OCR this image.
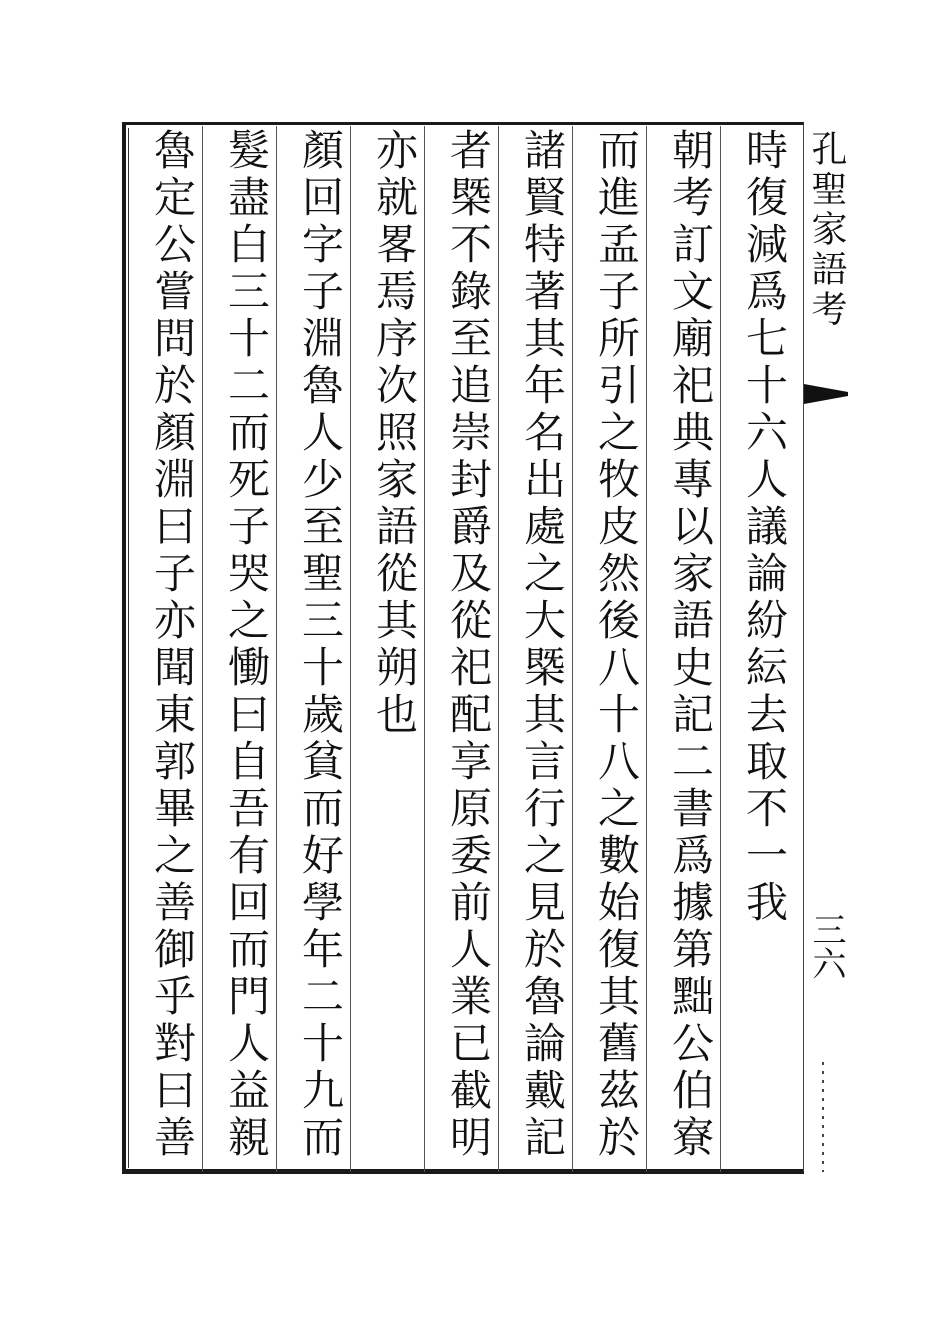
時復減爲七十六人議論紛紜去取不一我
朝考訂文廟祀典專以家語史記二書爲據第黜公伯寮
而進孟子所引之牧皮然後八十八之數始復其舊茲於
諸賢特著其年名出處之大槩其言行之見於魯論戴記
者槩不錄至追崇封爵及從祀配享原委前人業已截明
亦就畧焉序次照家語從其朔也
顏回字子淵魯人少至聖三十歲貧而好學年二十九而
髮盡白三十二而死子哭之慟曰自吾有回而門人益親
魯定公嘗問於顏淵曰子亦聞東郭畢之善御乎對曰善	孔聖家語考
三六
